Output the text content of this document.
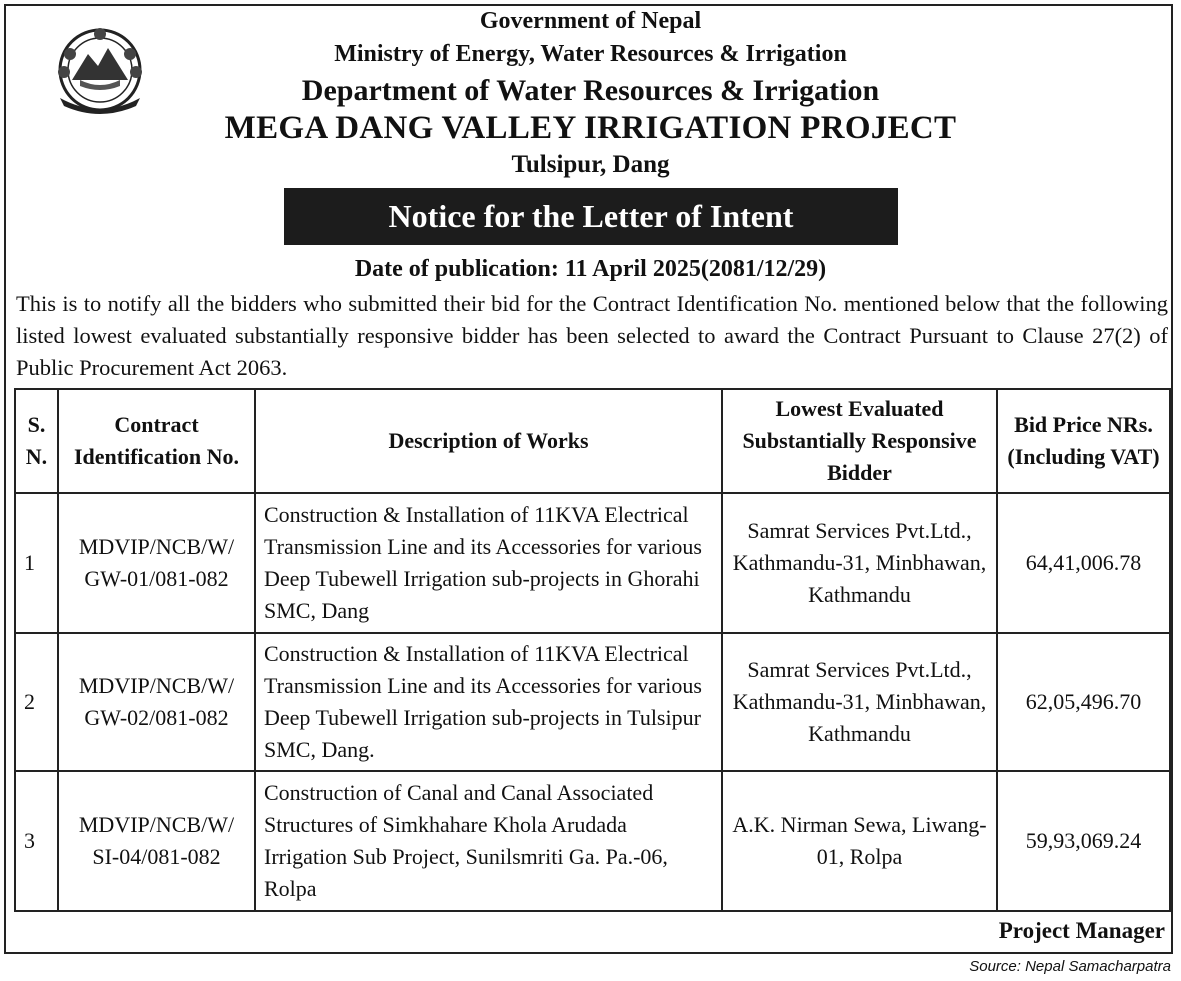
Government of Nepal
Ministry of Energy, Water Resources & Irrigation
Department of Water Resources & Irrigation
MEGA DANG VALLEY IRRIGATION PROJECT
Tulsipur, Dang
Notice for the Letter of Intent
Date of publication: 11 April 2025(2081/12/29)
This is to notify all the bidders who submitted their bid for the Contract Identification No. mentioned below that the following listed lowest evaluated substantially responsive bidder has been selected to award the Contract Pursuant to Clause 27(2) of Public Procurement Act 2063.
S. N.	Contract Identification No.	Description of Works	Lowest Evaluated Substantially Responsive Bidder	Bid Price NRs. (Including VAT)
1	MDVIP/NCB/W/ GW-01/081-082	Construction & Installation of 11KVA Electrical Transmission Line and its Accessories for various Deep Tubewell Irrigation sub-projects in Ghorahi SMC, Dang	Samrat Services Pvt.Ltd., Kathmandu-31, Minbhawan, Kathmandu	64,41,006.78
2	MDVIP/NCB/W/ GW-02/081-082	Construction & Installation of 11KVA Electrical Transmission Line and its Accessories for various Deep Tubewell Irrigation sub-projects in Tulsipur SMC, Dang.	Samrat Services Pvt.Ltd., Kathmandu-31, Minbhawan, Kathmandu	62,05,496.70
3	MDVIP/NCB/W/ SI-04/081-082	Construction of Canal and Canal Associated Structures of Simkhahare Khola Arudada Irrigation Sub Project, Sunilsmriti Ga. Pa.-06, Rolpa	A.K. Nirman Sewa, Liwang-01, Rolpa	59,93,069.24
Project Manager
Source: Nepal Samacharpatra
